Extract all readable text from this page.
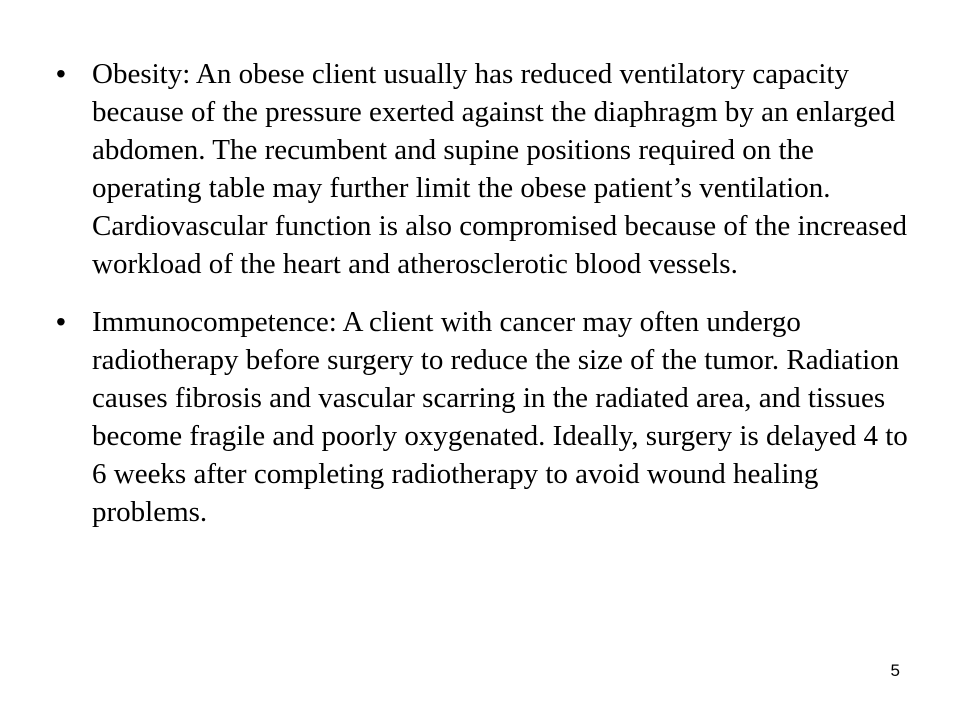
• Obesity: An obese client usually has reduced ventilatory capacity because of the pressure exerted against the diaphragm by an enlarged abdomen. The recumbent and supine positions required on the operating table may further limit the obese patient’s ventilation. Cardiovascular function is also compromised because of the increased workload of the heart and atherosclerotic blood vessels.
• Immunocompetence: A client with cancer may often undergo radiotherapy before surgery to reduce the size of the tumor. Radiation causes fibrosis and vascular scarring in the radiated area, and tissues become fragile and poorly oxygenated. Ideally, surgery is delayed 4 to 6 weeks after completing radiotherapy to avoid wound healing problems.
5
